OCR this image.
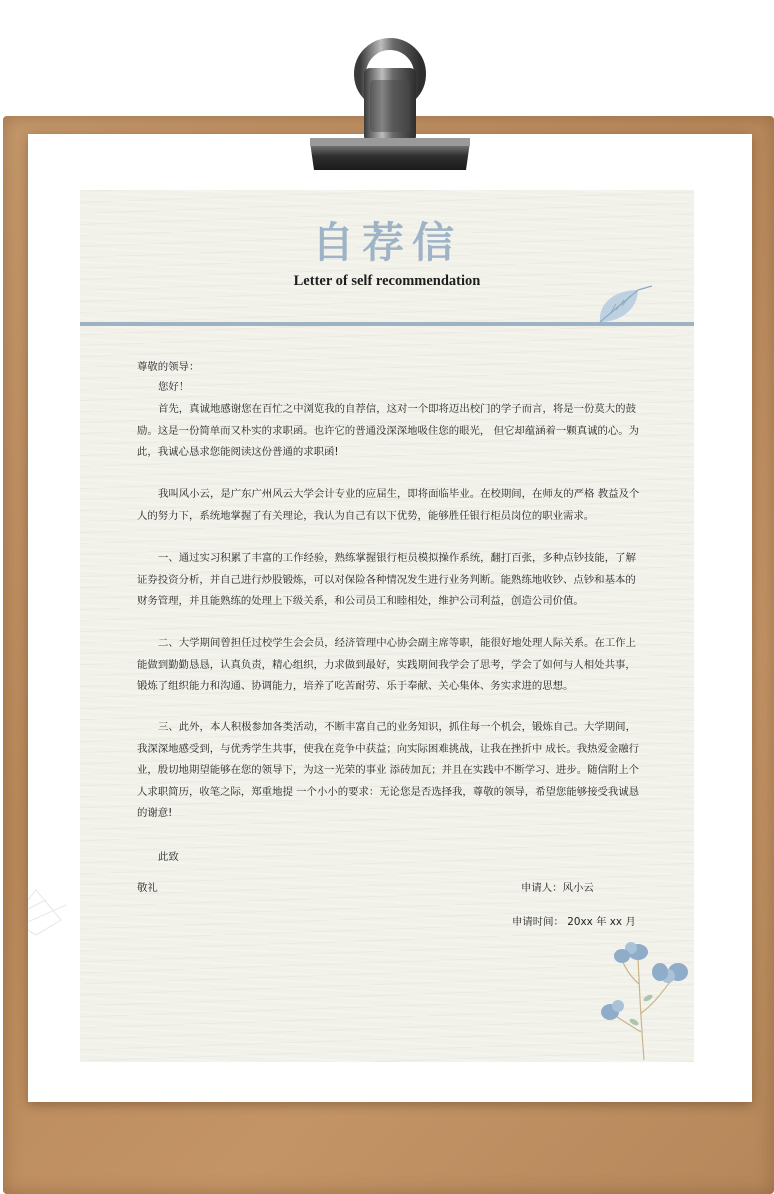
自荐信
Letter of self recommendation
尊敬的领导：
您好！
首先，真诚地感谢您在百忙之中浏览我的自荐信，这对一个即将迈出校门的学子而言，将是一份莫大的鼓励。这是一份简单而又朴实的求职函。也许它的普通没深深地吸住您的眼光， 但它却蕴涵着一颗真诚的心。为此，我诚心恳求您能阅读这份普通的求职函!
我叫风小云，是广东广州风云大学会计专业的应届生，即将面临毕业。在校期间，在师友的严格 教益及个人的努力下，系统地掌握了有关理论，我认为自己有以下优势，能够胜任银行柜员岗位的职业需求。
一、通过实习积累了丰富的工作经验，熟练掌握银行柜员模拟操作系统，翻打百张，多种点钞技能，了解证券投资分析，并自己进行炒股锻炼，可以对保险各种情况发生进行业务判断。能熟练地收钞、点钞和基本的财务管理，并且能熟练的处理上下级关系，和公司员工和睦相处，维护公司利益，创造公司价值。
二、大学期间曾担任过校学生会会员，经济管理中心协会副主席等职，能很好地处理人际关系。在工作上能做到勤勤恳恳，认真负责，精心组织，力求做到最好，实践期间我学会了思考，学会了如何与人相处共事，锻炼了组织能力和沟通、协调能力，培养了吃苦耐劳、乐于奉献、关心集体、务实求进的思想。
三、此外，本人积极参加各类活动，不断丰富自己的业务知识，抓住每一个机会，锻炼自己。大学期间，我深深地感受到，与优秀学生共事，使我在竞争中获益；向实际困难挑战，让我在挫折中 成长。我热爱金融行业，殷切地期望能够在您的领导下，为这一光荣的事业 添砖加瓦；并且在实践中不断学习、进步。随信附上个人求职简历，收笔之际，郑重地提 一个小小的要求：无论您是否选择我，尊敬的领导，希望您能够接受我诚恳的谢意!
此致
敬礼	申请人：风小云
申请时间： 20xx 年 xx 月
